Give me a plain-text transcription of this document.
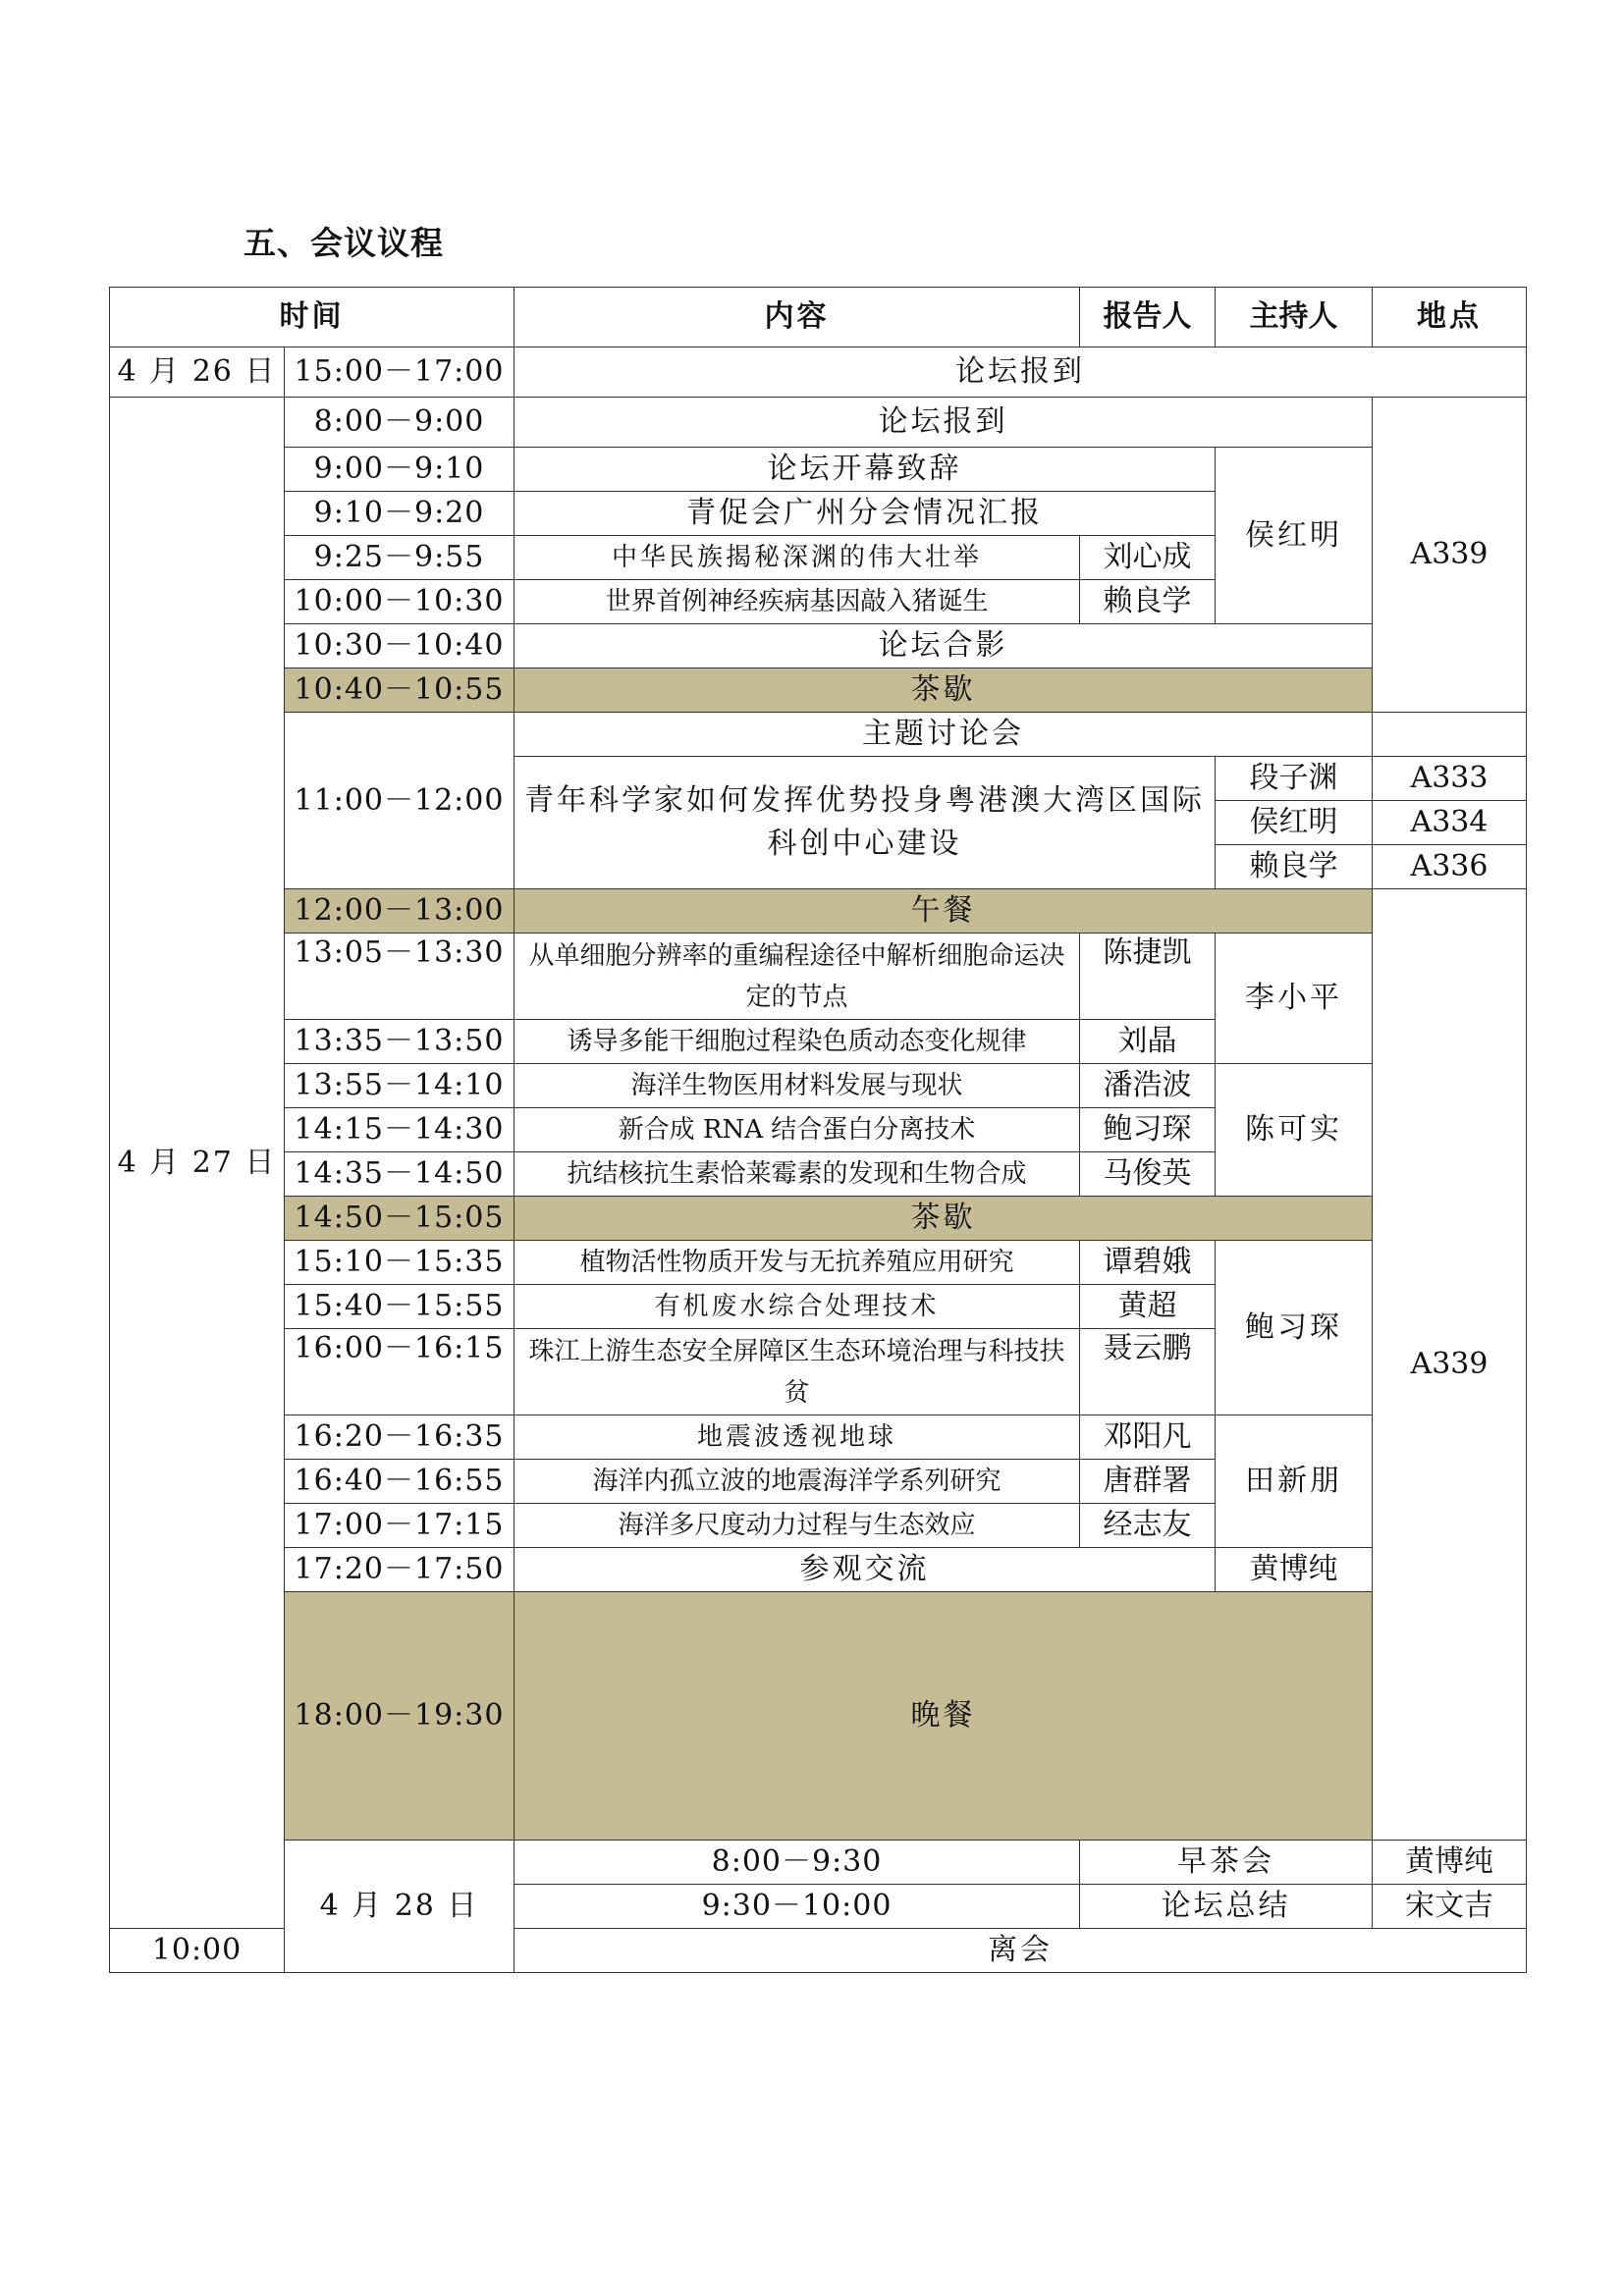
五、会议议程
时间		内容	报告人	主持人	地点	
4 月 26 日	15:00－17:00	论坛报到				
4 月 27 日	8:00－9:00	论坛报到			A339	
	9:00－9:10	论坛开幕致辞		侯红明		
	9:10－9:20	青促会广州分会情况汇报				
	9:25－9:55	中华民族揭秘深渊的伟大壮举	刘心成			
	10:00－10:30	世界首例神经疾病基因敲入猪诞生	赖良学			
	10:30－10:40	论坛合影				
	10:40－10:55	茶歇				
	11:00－12:00	主题讨论会				
		青年科学家如何发挥优势投身粤港澳大湾区国际科创中心建设		段子渊	A333	
				侯红明	A334	
				赖良学	A336	
	12:00－13:00	午餐			A339	
	13:05－13:30	从单细胞分辨率的重编程途径中解析细胞命运决定的节点	陈捷凯	李小平		
	13:35－13:50	诱导多能干细胞过程染色质动态变化规律	刘晶			
	13:55－14:10	海洋生物医用材料发展与现状	潘浩波	陈可实		
	14:15－14:30	新合成 RNA 结合蛋白分离技术	鲍习琛			
	14:35－14:50	抗结核抗生素恰莱霉素的发现和生物合成	马俊英			
	14:50－15:05	茶歇				
	15:10－15:35	植物活性物质开发与无抗养殖应用研究	谭碧娥	鲍习琛		
	15:40－15:55	有机废水综合处理技术	黄超			
	16:00－16:15	珠江上游生态安全屏障区生态环境治理与科技扶贫	聂云鹏			
	16:20－16:35	地震波透视地球	邓阳凡	田新朋		
	16:40－16:55	海洋内孤立波的地震海洋学系列研究	唐群署			
	17:00－17:15	海洋多尺度动力过程与生态效应	经志友			
	17:20－17:50	参观交流		黄博纯	
	18:00－19:30	晚餐	
	4 月 28 日	8:00－9:30	早茶会		黄博纯	
		9:30－10:00	论坛总结		宋文吉	
10:00		离会				
